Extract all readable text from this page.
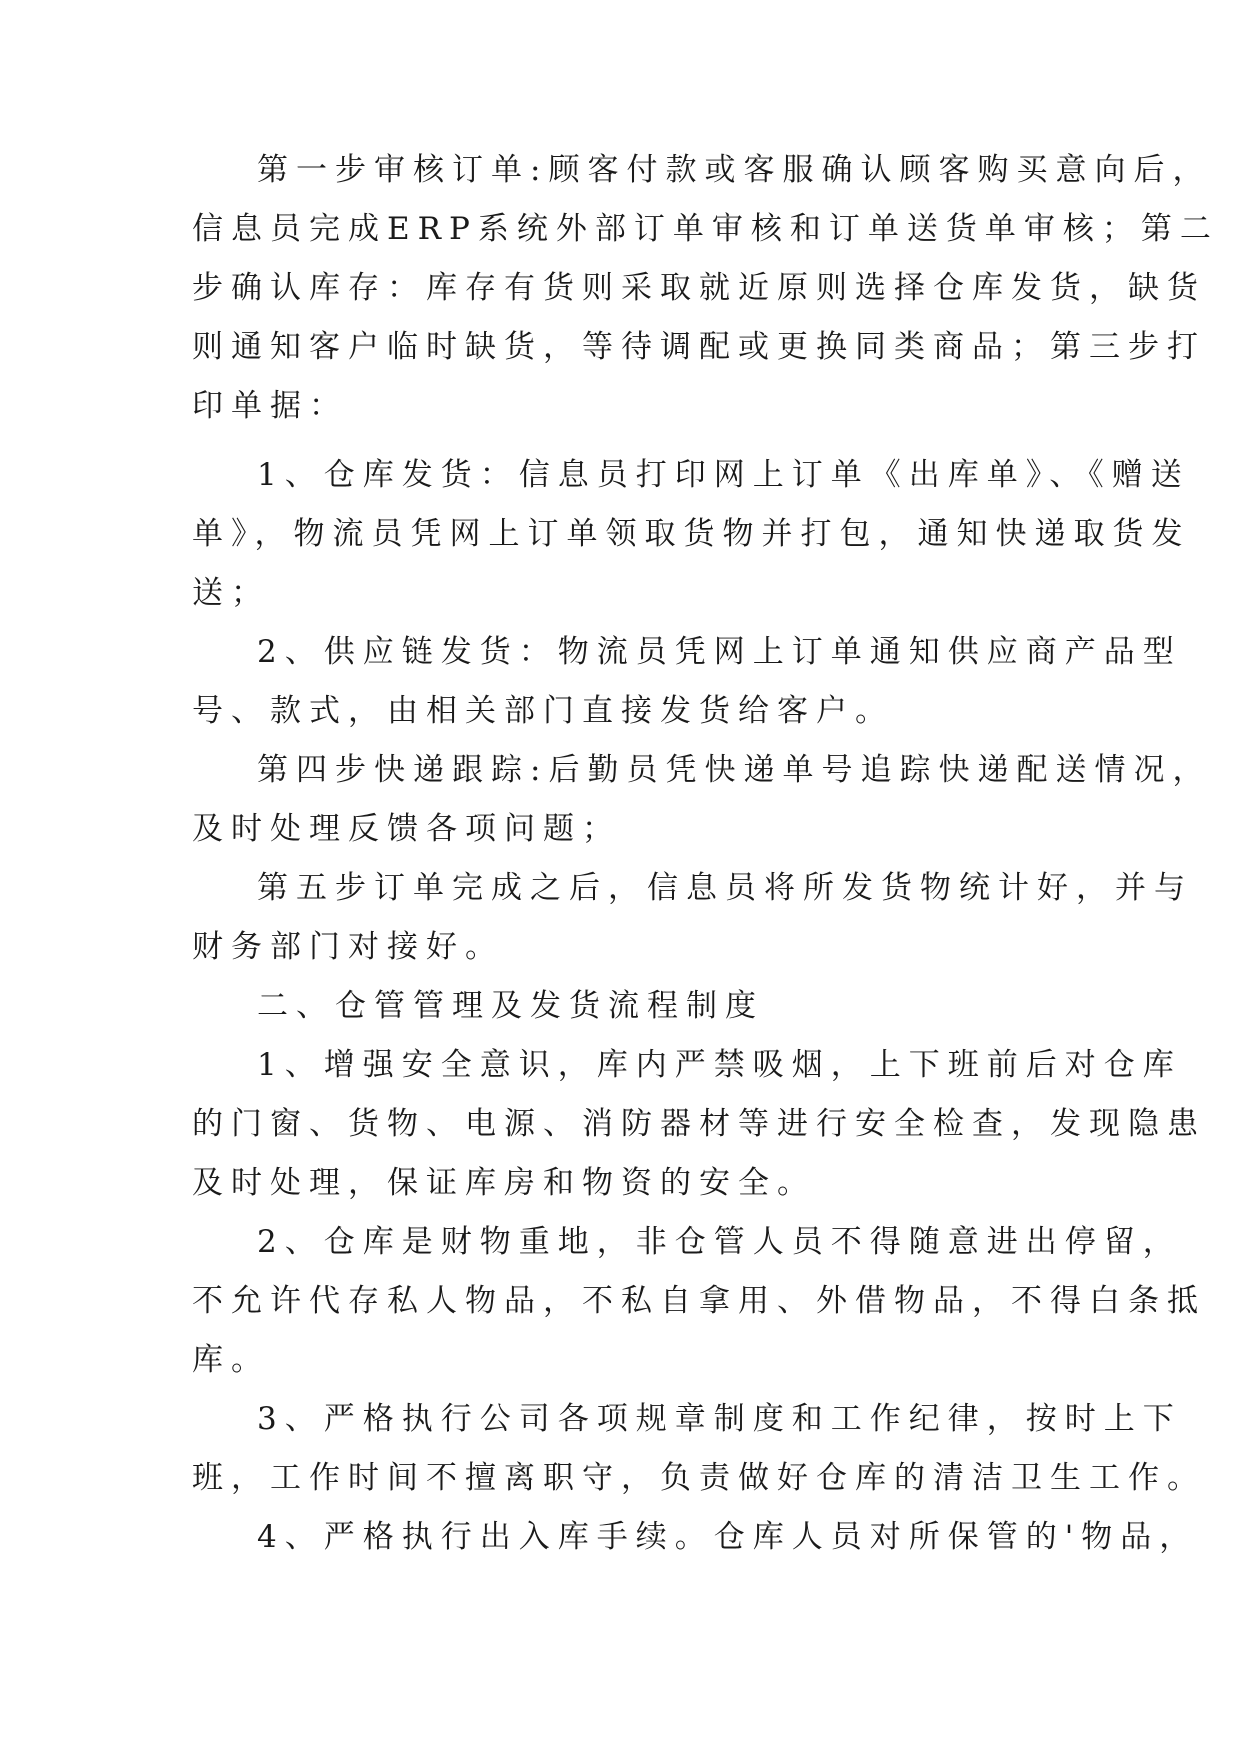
第一步审核订单:顾客付款或客服确认顾客购买意向后，

信息员完成ERP系统外部订单审核和订单送货单审核；第二

步确认库存：库存有货则采取就近原则选择仓库发货，缺货

则通知客户临时缺货，等待调配或更换同类商品；第三步打

印单据：

1、仓库发货：信息员打印网上订单《出库单》、《赠送

单》，物流员凭网上订单领取货物并打包，通知快递取货发

送；

2、供应链发货：物流员凭网上订单通知供应商产品型

号、款式，由相关部门直接发货给客户。

第四步快递跟踪:后勤员凭快递单号追踪快递配送情况，

及时处理反馈各项问题；

第五步订单完成之后，信息员将所发货物统计好，并与

财务部门对接好。

二、仓管管理及发货流程制度

1、增强安全意识，库内严禁吸烟，上下班前后对仓库

的门窗、货物、电源、消防器材等进行安全检查，发现隐患

及时处理，保证库房和物资的安全。

2、仓库是财物重地，非仓管人员不得随意进出停留，

不允许代存私人物品，不私自拿用、外借物品，不得白条抵

库。

3、严格执行公司各项规章制度和工作纪律，按时上下

班，工作时间不擅离职守，负责做好仓库的清洁卫生工作。

4、严格执行出入库手续。仓库人员对所保管的'物品，
